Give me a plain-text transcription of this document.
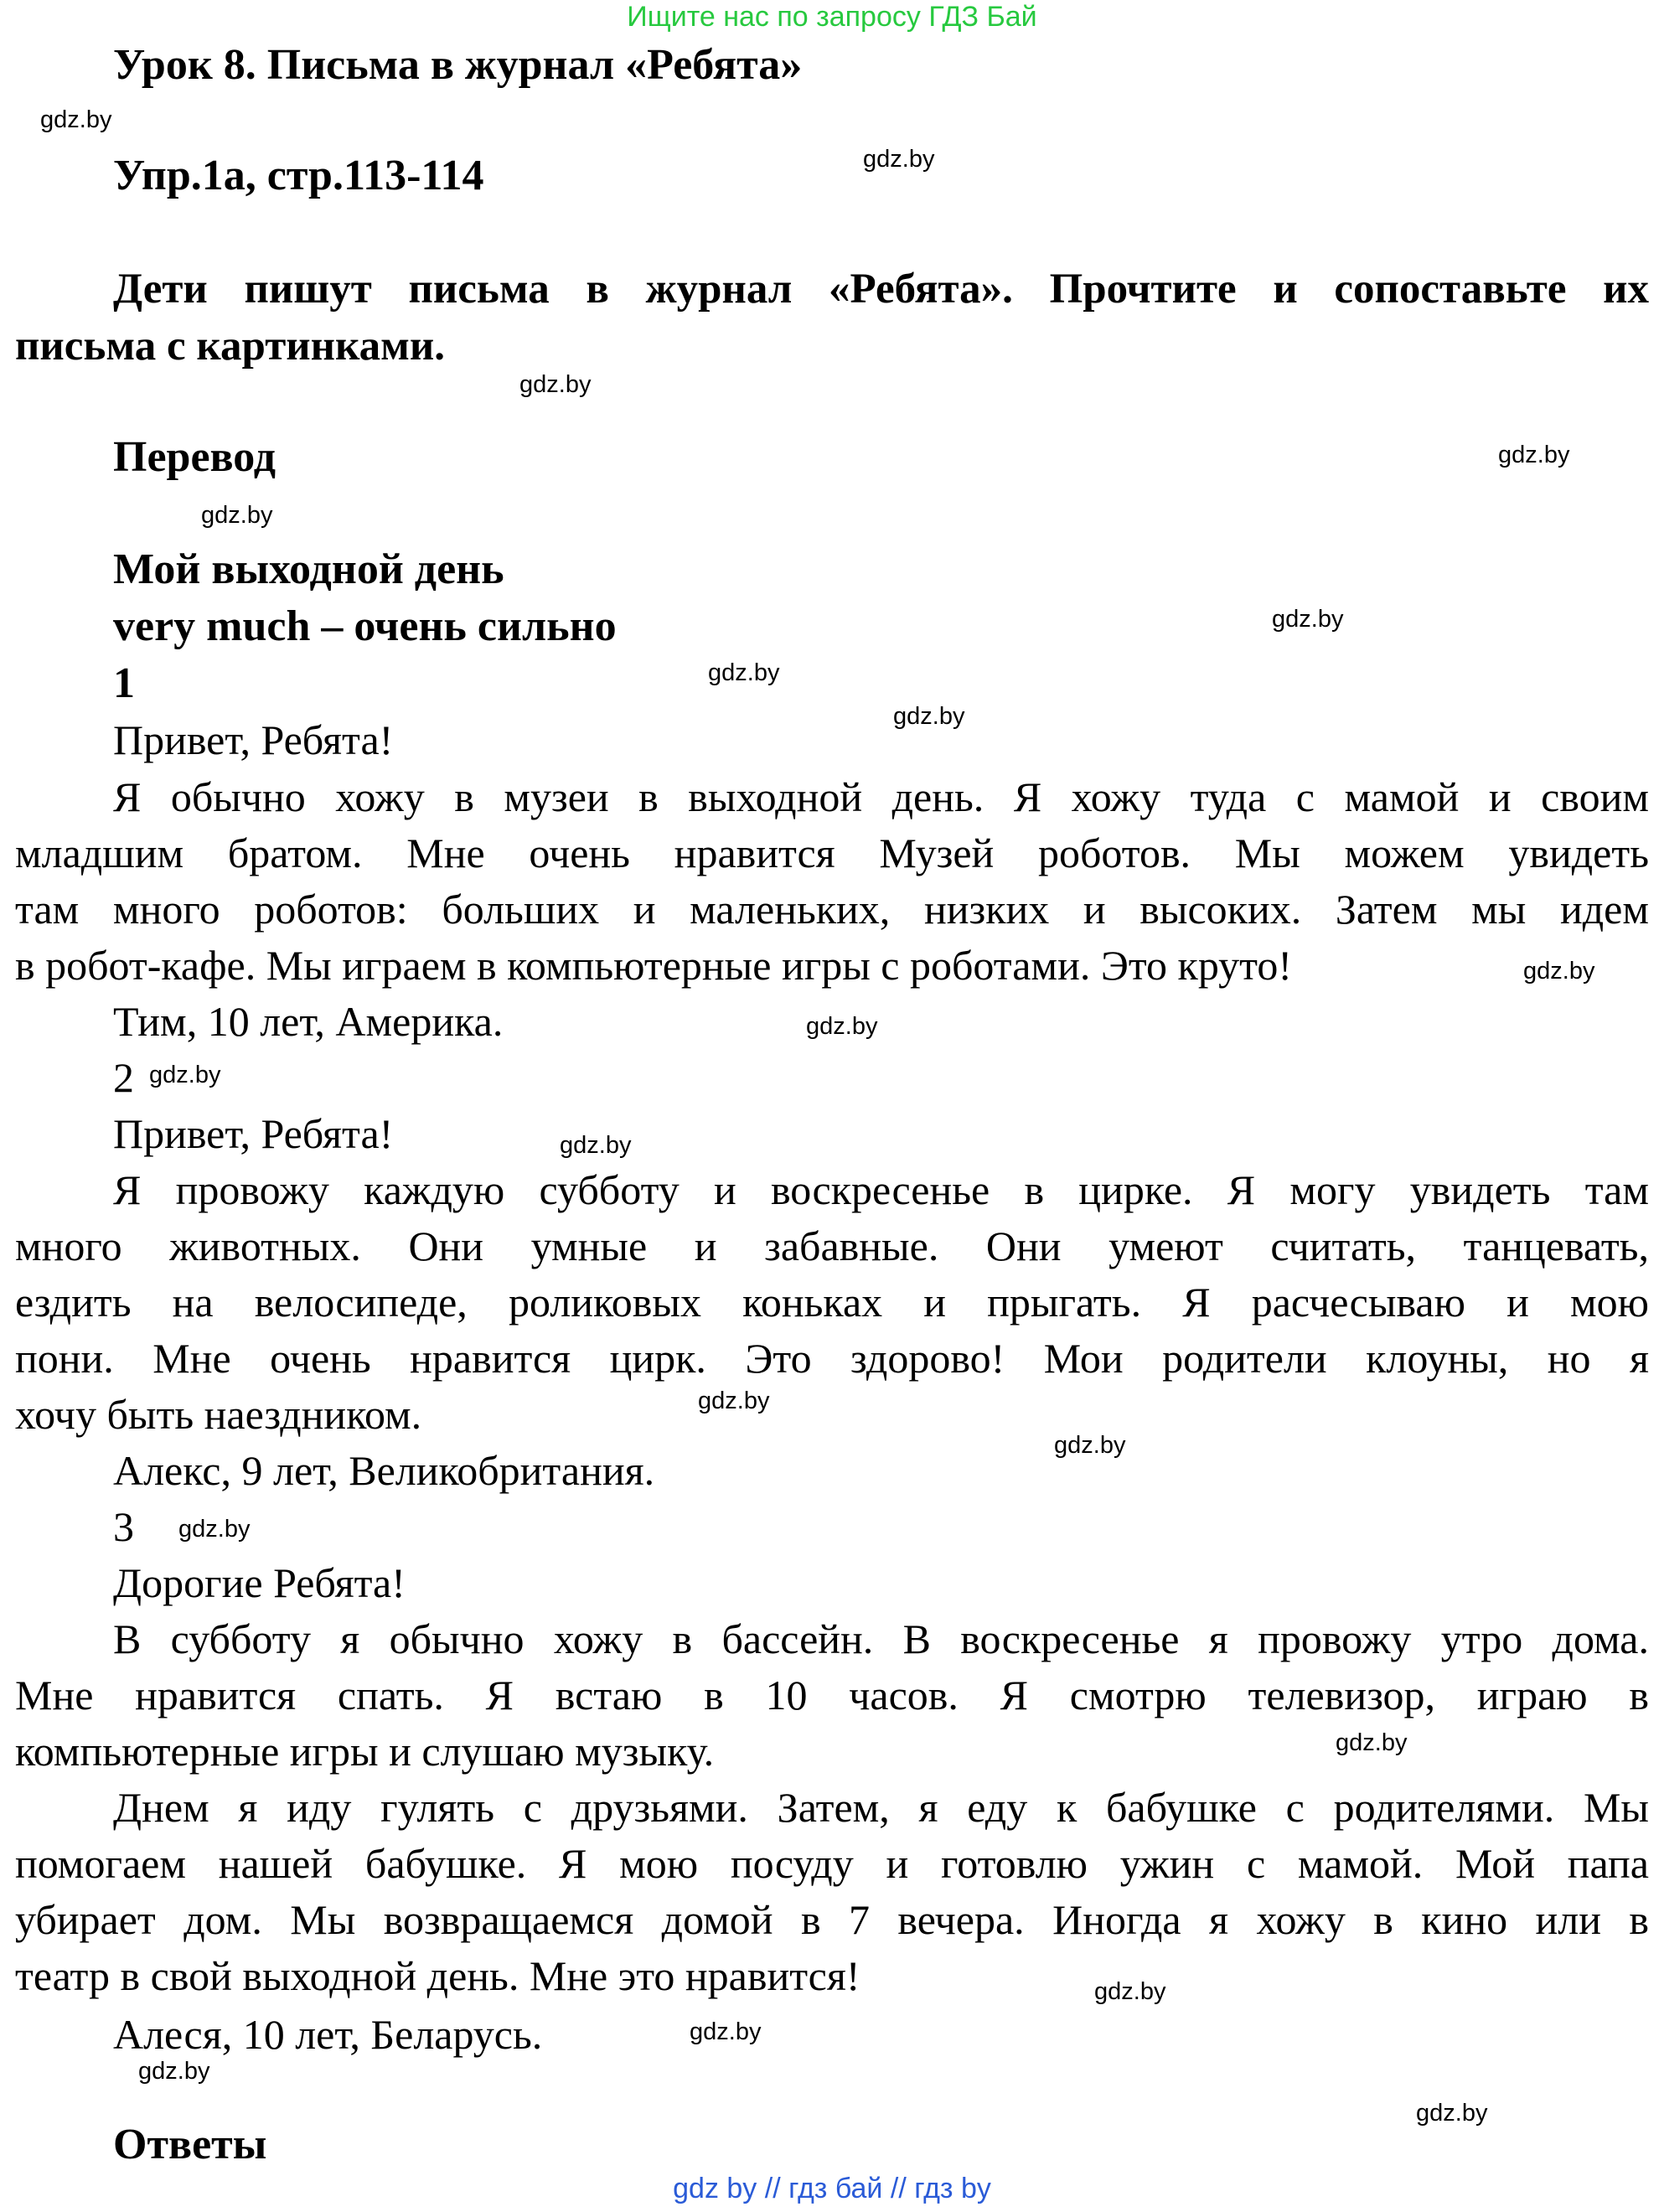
Ищите нас по запросу ГДЗ Бай
Урок 8. Письма в журнал «Ребята»
Упр.1a, стр.113-114
Дети пишут письма в журнал «Ребята». Прочтите и сопоставьте их
письма с картинками.
Перевод
Мой выходной день
very much – очень сильно
1
Привет, Ребята!
Я обычно хожу в музеи в выходной день. Я хожу туда с мамой и своим
младшим братом. Мне очень нравится Музей роботов. Мы можем увидеть
там много роботов: больших и маленьких, низких и высоких. Затем мы идем
в робот-кафе. Мы играем в компьютерные игры с роботами. Это круто!
Тим, 10 лет, Америка.
2
Привет, Ребята!
Я провожу каждую субботу и воскресенье в цирке. Я могу увидеть там
много животных. Они умные и забавные. Они умеют считать, танцевать,
ездить на велосипеде, роликовых коньках и прыгать. Я расчесываю и мою
пони. Мне очень нравится цирк. Это здорово! Мои родители клоуны, но я
хочу быть наездником.
Алекс, 9 лет, Великобритания.
3
Дорогие Ребята!
В субботу я обычно хожу в бассейн. В воскресенье я провожу утро дома.
Мне нравится спать. Я встаю в 10 часов. Я смотрю телевизор, играю в
компьютерные игры и слушаю музыку.
Днем я иду гулять с друзьями. Затем, я еду к бабушке с родителями. Мы
помогаем нашей бабушке. Я мою посуду и готовлю ужин с мамой. Мой папа
убирает дом. Мы возвращаемся домой в 7 вечера. Иногда я хожу в кино или в
театр в свой выходной день. Мне это нравится!
Алеся, 10 лет, Беларусь.
Ответы
gdz.by
gdz.by
gdz.by
gdz.by
gdz.by
gdz.by
gdz.by
gdz.by
gdz.by
gdz.by
gdz.by
gdz.by
gdz.by
gdz.by
gdz.by
gdz.by
gdz.by
gdz.by
gdz.by
gdz.by
gdz by // гдз бай // гдз by
